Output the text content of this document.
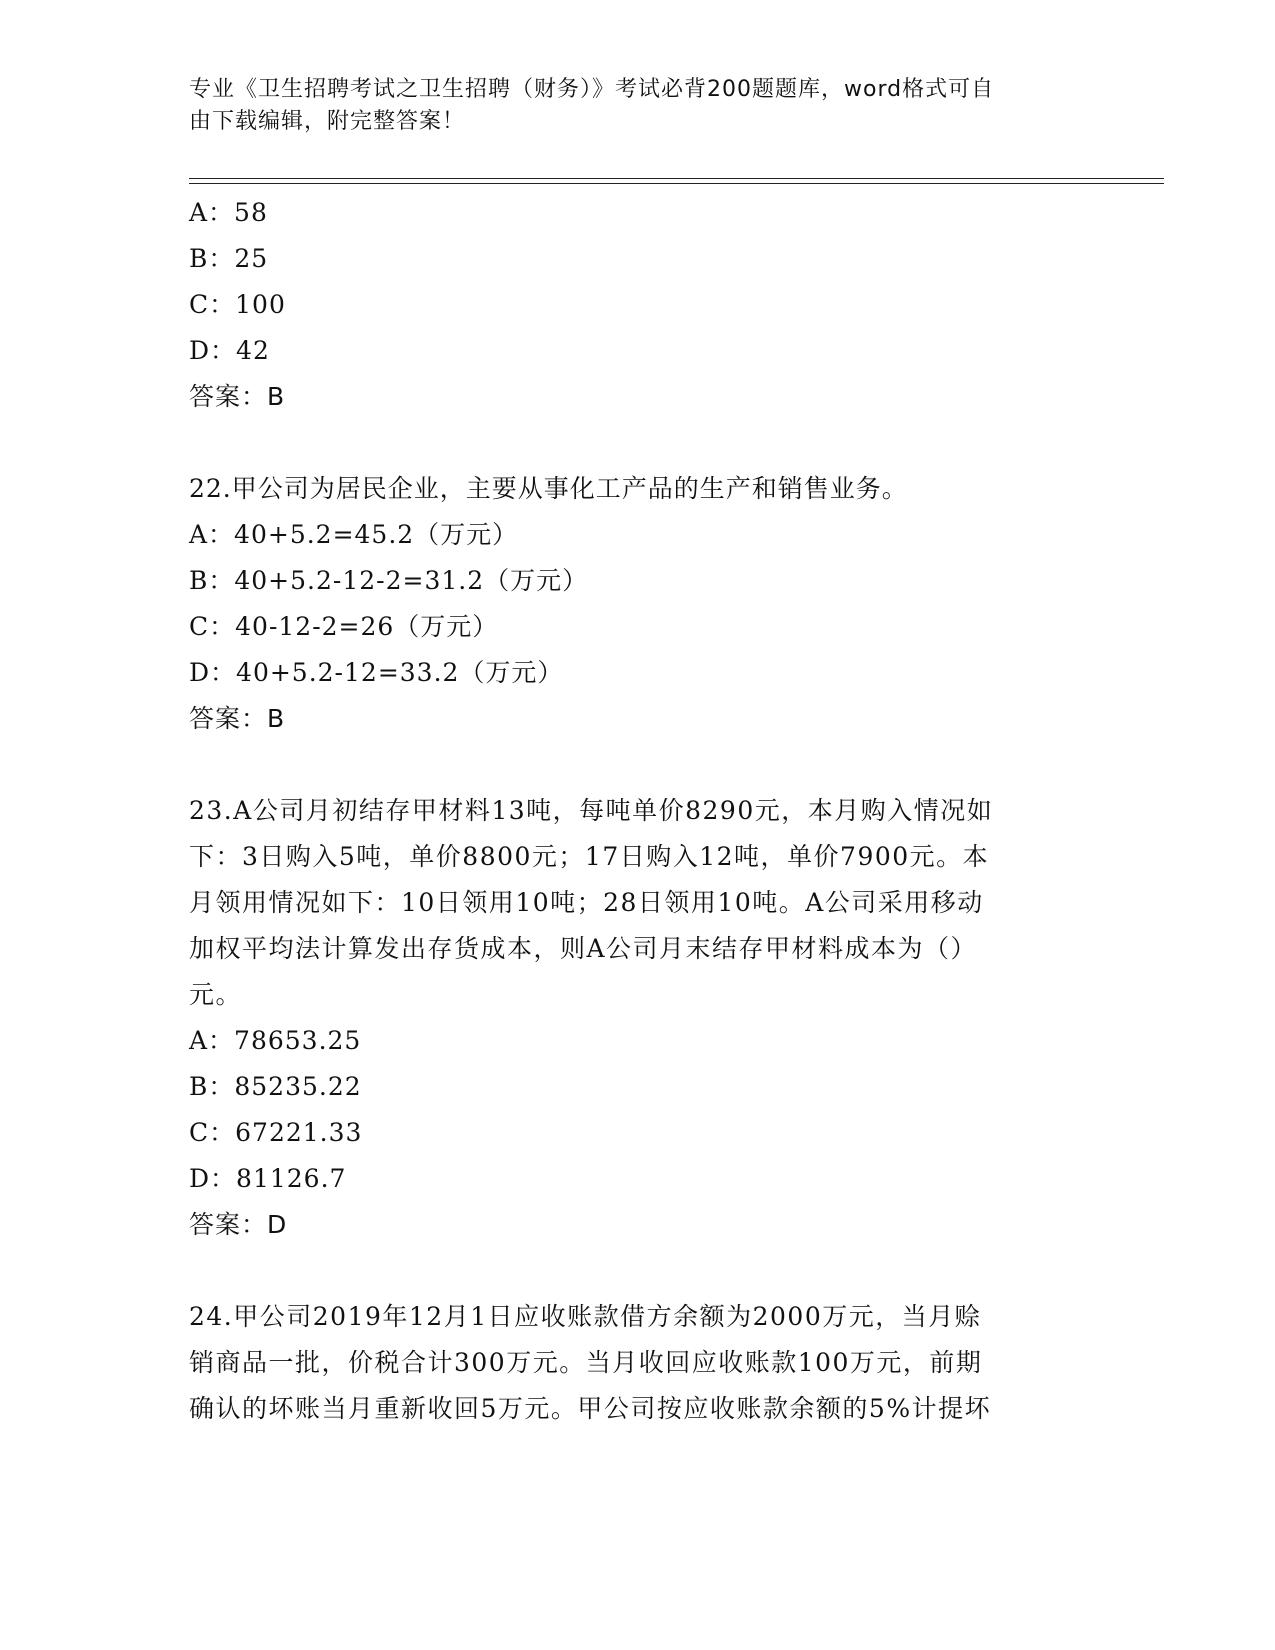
专业《卫生招聘考试之卫生招聘（财务）》考试必背200题题库，word格式可自
由下载编辑，附完整答案！
A：58
B：25
C：100
D：42
答案：B
22.甲公司为居民企业，主要从事化工产品的生产和销售业务。
A：40+5.2=45.2（万元）
B：40+5.2-12-2=31.2（万元）
C：40-12-2=26（万元）
D：40+5.2-12=33.2（万元）
答案：B
23.A公司月初结存甲材料13吨，每吨单价8290元，本月购入情况如
下：3日购入5吨，单价8800元；17日购入12吨，单价7900元。本
月领用情况如下：10日领用10吨；28日领用10吨。A公司采用移动
加权平均法计算发出存货成本，则A公司月末结存甲材料成本为（）
元。
A：78653.25
B：85235.22
C：67221.33
D：81126.7
答案：D
24.甲公司2019年12月1日应收账款借方余额为2000万元，当月赊
销商品一批，价税合计300万元。当月收回应收账款100万元，前期
确认的坏账当月重新收回5万元。甲公司按应收账款余额的5%计提坏
